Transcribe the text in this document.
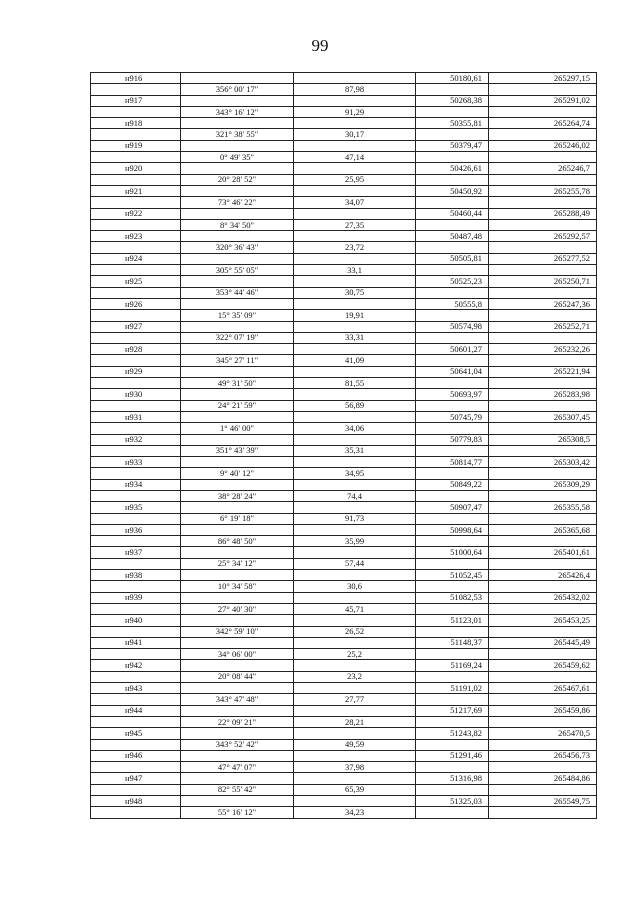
99
н916			50180,61	265297,15
	356° 00' 17"	87,98		
н917			50268,38	265291,02
	343° 16' 12"	91,29		
н918			50355,81	265264,74
	321° 38' 55"	30,17		
н919			50379,47	265246,02
	0° 49' 35"	47,14		
н920			50426,61	265246,7
	20° 28' 52"	25,95		
н921			50450,92	265255,78
	73° 46' 22"	34,07		
н922			50460,44	265288,49
	8° 34' 50"	27,35		
н923			50487,48	265292,57
	320° 36' 43"	23,72		
н924			50505,81	265277,52
	305° 55' 05"	33,1		
н925			50525,23	265250,71
	353° 44' 46"	30,75		
н926			50555,8	265247,36
	15° 35' 09"	19,91		
н927			50574,98	265252,71
	322° 07' 19"	33,31		
н928			50601,27	265232,26
	345° 27' 11"	41,09		
н929			50641,04	265221,94
	49° 31' 50"	81,55		
н930			50693,97	265283,98
	24° 21' 59"	56,89		
н931			50745,79	265307,45
	1° 46' 00"	34,06		
н932			50779,83	265308,5
	351° 43' 39"	35,31		
н933			50814,77	265303,42
	9° 40' 12"	34,95		
н934			50849,22	265309,29
	38° 28' 24"	74,4		
н935			50907,47	265355,58
	6° 19' 18"	91,73		
н936			50998,64	265365,68
	86° 48' 50"	35,99		
н937			51000,64	265401,61
	25° 34' 12"	57,44		
н938			51052,45	265426,4
	10° 34' 58"	30,6		
н939			51082,53	265432,02
	27° 40' 30"	45,71		
н940			51123,01	265453,25
	342° 59' 10"	26,52		
н941			51148,37	265445,49
	34° 06' 00"	25,2		
н942			51169,24	265459,62
	20° 08' 44"	23,2		
н943			51191,02	265467,61
	343° 47' 48"	27,77		
н944			51217,69	265459,86
	22° 09' 21"	28,21		
н945			51243,82	265470,5
	343° 52' 42"	49,59		
н946			51291,46	265456,73
	47° 47' 07"	37,98		
н947			51316,98	265484,86
	82° 55' 42"	65,39		
н948			51325,03	265549,75
	55° 16' 12"	34,23		
